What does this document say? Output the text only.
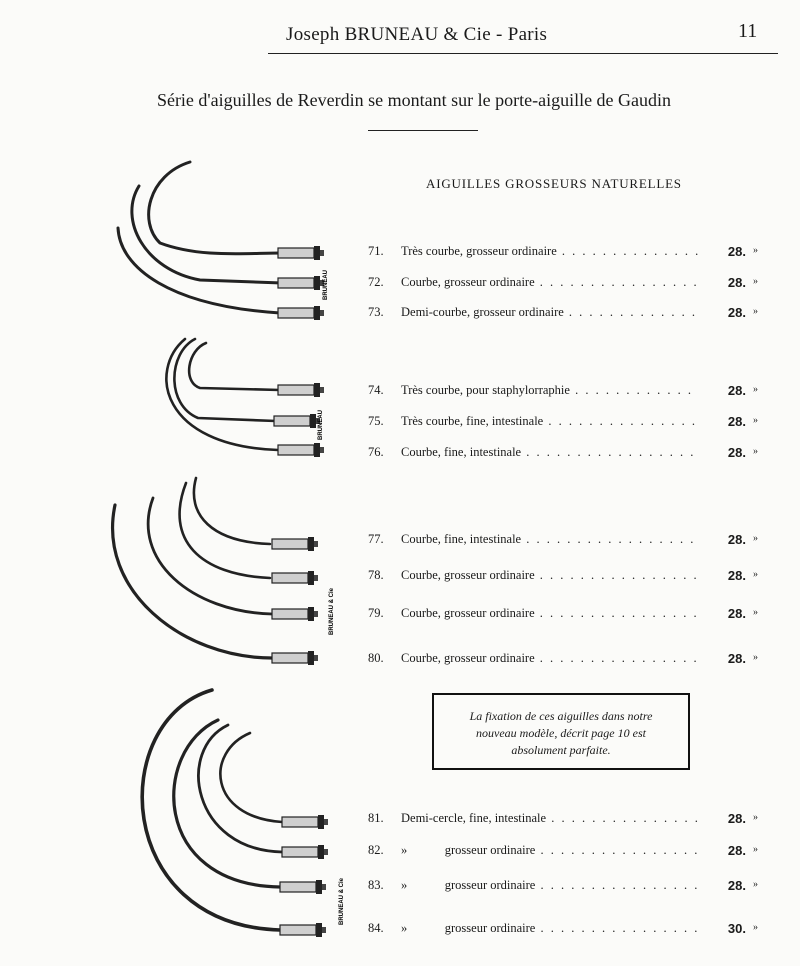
Joseph BRUNEAU & Cie - Paris	11
Série d'aiguilles de Reverdin se montant sur le porte-aiguille de Gaudin
AIGUILLES GROSSEURS NATURELLES
BRUNEAU
BRUNEAU
BRUNEAU & Cie
BRUNEAU & Cie
71. Très courbe, grosseur ordinaire . . .	28. »
72. Courbe, grosseur ordinaire . . .	28. »
73. Demi-courbe, grosseur ordinaire . . .	28. »
74. Très courbe, pour staphylorraphie . . .	28. »
75. Très courbe, fine, intestinale . . .	28. »
76. Courbe, fine, intestinale . . .	28. »
77. Courbe, fine, intestinale . . .	28. »
78. Courbe, grosseur ordinaire . . .	28. »
79. Courbe, grosseur ordinaire . . .	28. »
80. Courbe, grosseur ordinaire . . .	28. »
La fixation de ces aiguilles dans notre
nouveau modèle, décrit page 10 est
absolument parfaite.
81. Demi-cercle, fine, intestinale . . .	28. »
82. »            grosseur ordinaire . . .	28. »
83. »            grosseur ordinaire . . .	28. »
84. »            grosseur ordinaire . . .	30. »
